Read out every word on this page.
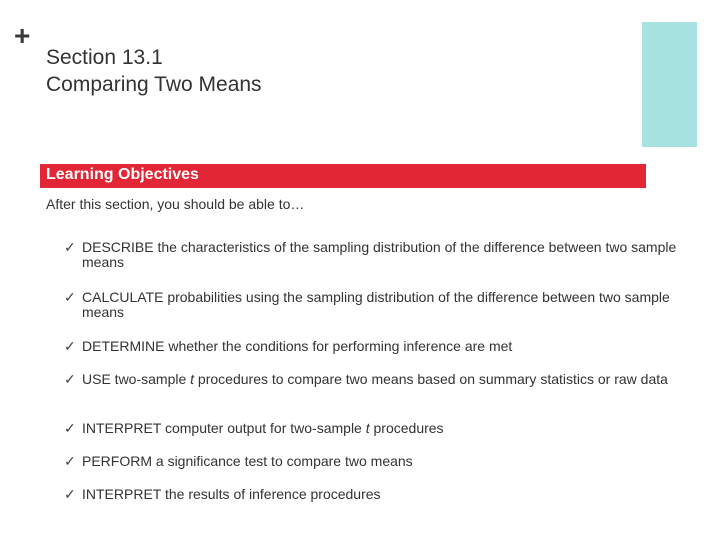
+
Section 13.1
Comparing Two Means
Learning Objectives
After this section, you should be able to…
✓ DESCRIBE the characteristics of the sampling distribution of the difference between two sample means
✓ CALCULATE probabilities using the sampling distribution of the difference between two sample means
✓ DETERMINE whether the conditions for performing inference are met
✓ USE two-sample t procedures to compare two means based on summary statistics or raw data
✓ INTERPRET computer output for two-sample t procedures
✓ PERFORM a significance test to compare two means
✓ INTERPRET the results of inference procedures
